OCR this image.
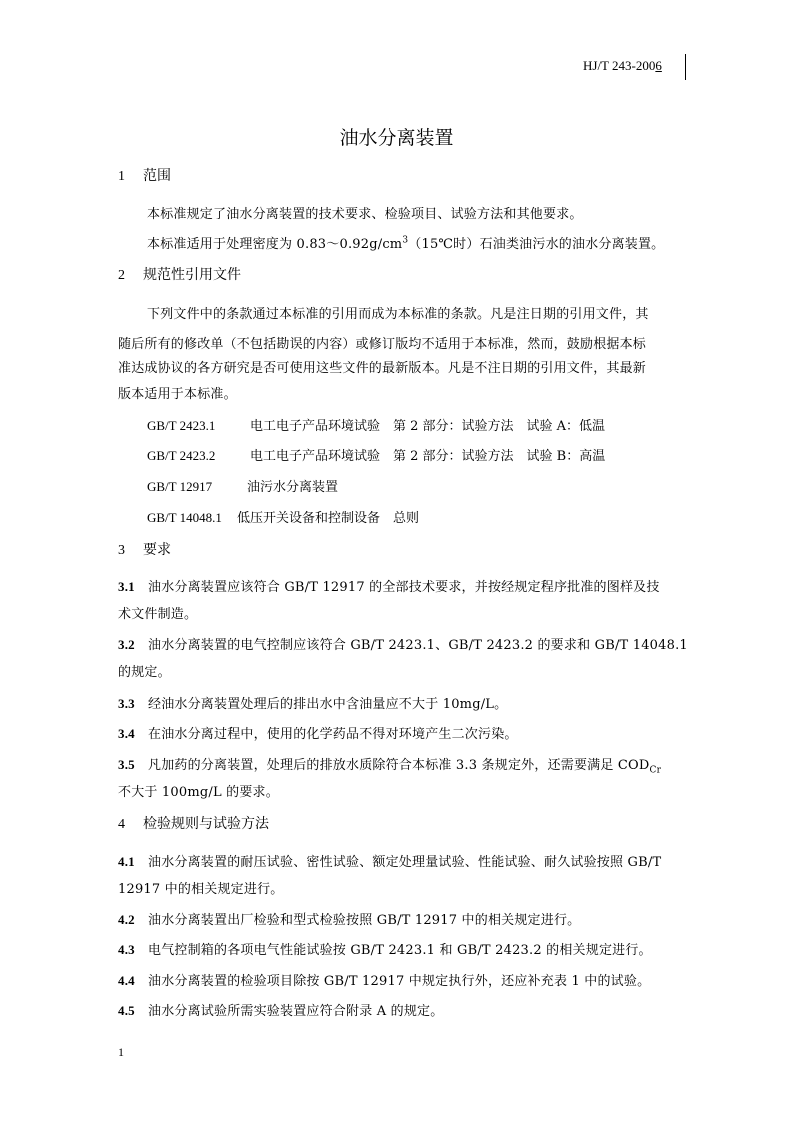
HJ/T 243-2006
油水分离装置
1 范围
本标准规定了油水分离装置的技术要求、检验项目、试验方法和其他要求。
本标准适用于处理密度为 $0.83\sim 0.92g/cm^3(15℃$时）石油类油污水的油水分离装置。
2 规范性引用文件
下列文件中的条款通过本标准的引用而成为本标准的条款。凡是注日期的引用文件，其
随后所有的修改单（不包括勘误的内容）或修订版均不适用于本标准，然而，鼓励根据本标
准达成协议的各方研究是否可使用这些文件的最新版本。凡是不注日期的引用文件，其最新
版本适用于本标准。
GB/T 2423.1	电工电子产品环境试验　第 2 部分：试验方法　试验 A：低温
GB/T 2423.2	电工电子产品环境试验　第 2 部分：试验方法　试验 B：高温
GB/T 12917	油污水分离装置
GB/T 14048.1 低压开关设备和控制设备　总则
3 要求
3.1 油水分离装置应该符合 GB/T 12917 的全部技术要求，并按经规定程序批准的图样及技
术文件制造。
3.2 油水分离装置的电气控制应该符合 GB/T 2423.1、GB/T 2423.2 的要求和 GB/T 14048.1
的规定。
3.3 经油水分离装置处理后的排出水中含油量应不大于 10mg/L。
3.4 在油水分离过程中，使用的化学药品不得对环境产生二次污染。
3.5 凡加药的分离装置，处理后的排放水质除符合本标准 3.3 条规定外，还需要满足 $COD_{Cr}$
不大于 100mg/L 的要求。
4 检验规则与试验方法
4.1 油水分离装置的耐压试验、密性试验、额定处理量试验、性能试验、耐久试验按照 GB/T
12917 中的相关规定进行。
4.2 油水分离装置出厂检验和型式检验按照 GB/T 12917 中的相关规定进行。
4.3 电气控制箱的各项电气性能试验按 GB/T 2423.1 和 GB/T 2423.2 的相关规定进行。
4.4 油水分离装置的检验项目除按 GB/T 12917 中规定执行外，还应补充表 1 中的试验。
4.5 油水分离试验所需实验装置应符合附录 A 的规定。
1
